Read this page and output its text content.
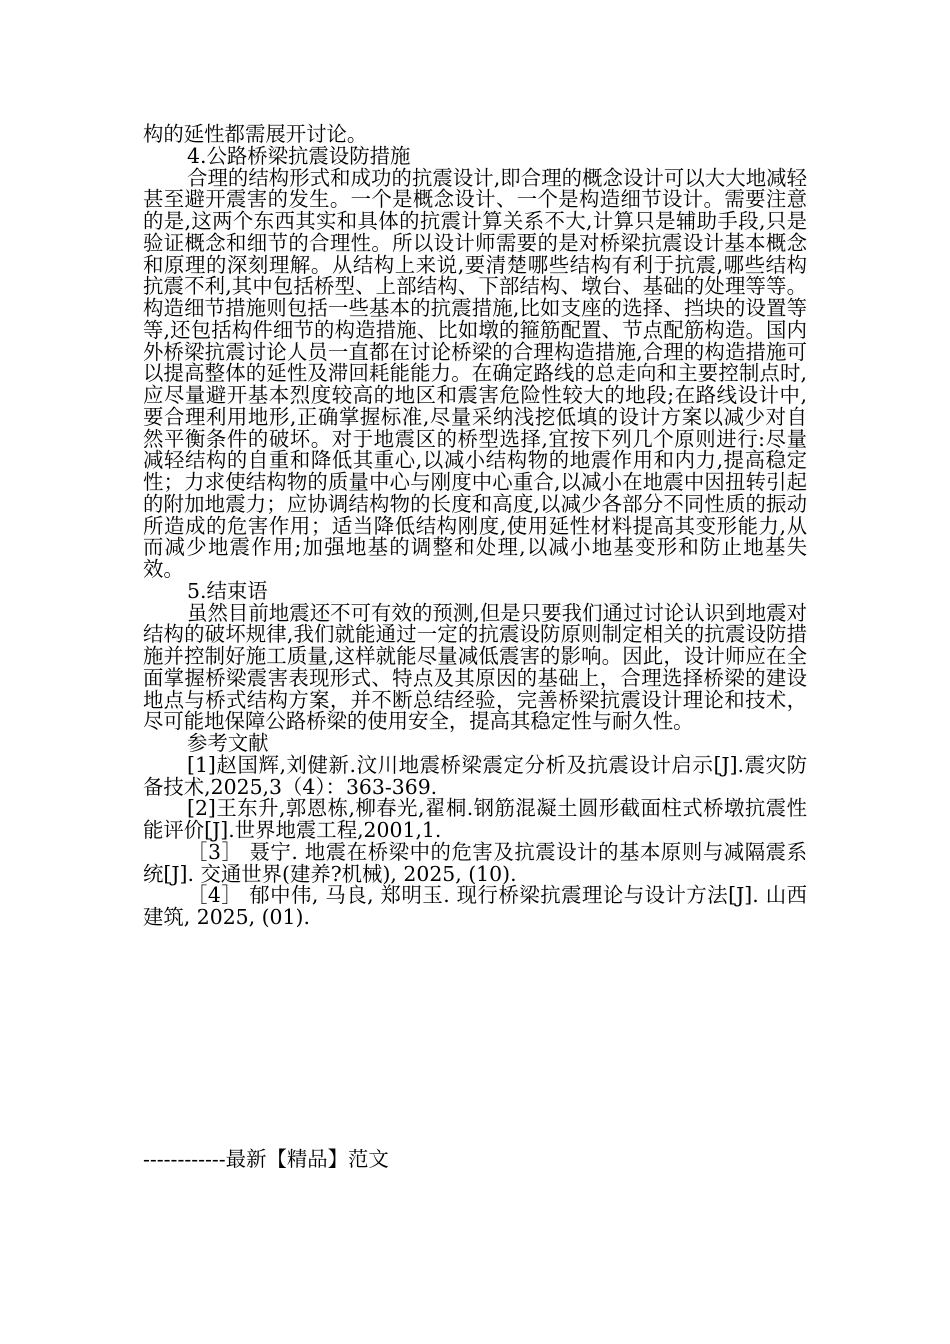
构的延性都需展开讨论。

4.公路桥梁抗震设防措施

合理的结构形式和成功的抗震设计,即合理的概念设计可以大大地减轻甚至避开震害的发生。一个是概念设计、一个是构造细节设计。需要注意的是,这两个东西其实和具体的抗震计算关系不大,计算只是辅助手段,只是验证概念和细节的合理性。所以设计师需要的是对桥梁抗震设计基本概念和原理的深刻理解。从结构上来说,要清楚哪些结构有利于抗震,哪些结构抗震不利,其中包括桥型、上部结构、下部结构、墩台、基础的处理等等。构造细节措施则包括一些基本的抗震措施,比如支座的选择、挡块的设置等等,还包括构件细节的构造措施、比如墩的箍筋配置、节点配筋构造。国内外桥梁抗震讨论人员一直都在讨论桥梁的合理构造措施,合理的构造措施可以提高整体的延性及滞回耗能能力。在确定路线的总走向和主要控制点时,应尽量避开基本烈度较高的地区和震害危险性较大的地段;在路线设计中,要合理利用地形,正确掌握标准,尽量采纳浅挖低填的设计方案以减少对自然平衡条件的破坏。对于地震区的桥型选择,宜按下列几个原则进行:尽量减轻结构的自重和降低其重心,以减小结构物的地震作用和内力,提高稳定性；力求使结构物的质量中心与刚度中心重合,以减小在地震中因扭转引起的附加地震力；应协调结构物的长度和高度,以减少各部分不同性质的振动所造成的危害作用；适当降低结构刚度,使用延性材料提高其变形能力,从而减少地震作用;加强地基的调整和处理,以减小地基变形和防止地基失效。

5.结束语

虽然目前地震还不可有效的预测,但是只要我们通过讨论认识到地震对结构的破坏规律,我们就能通过一定的抗震设防原则制定相关的抗震设防措施并控制好施工质量,这样就能尽量减低震害的影响。因此，设计师应在全面掌握桥梁震害表现形式、特点及其原因的基础上，合理选择桥梁的建设地点与桥式结构方案，并不断总结经验，完善桥梁抗震设计理论和技术，尽可能地保障公路桥梁的使用安全，提高其稳定性与耐久性。

参考文献

[1]赵国辉,刘健新.汶川地震桥梁震定分析及抗震设计启示[J].震灾防备技术,2025,3（4）：363-369.

[2]王东升,郭恩栋,柳春光,翟桐.钢筋混凝土圆形截面柱式桥墩抗震性能评价[J].世界地震工程,2001,1.

［3］ 聂宁. 地震在桥梁中的危害及抗震设计的基本原则与减隔震系统[J]. 交通世界(建养?机械), 2025, (10).

［4］ 郁中伟, 马良, 郑明玉. 现行桥梁抗震理论与设计方法[J]. 山西建筑, 2025, (01).

------------最新【精品】范文
